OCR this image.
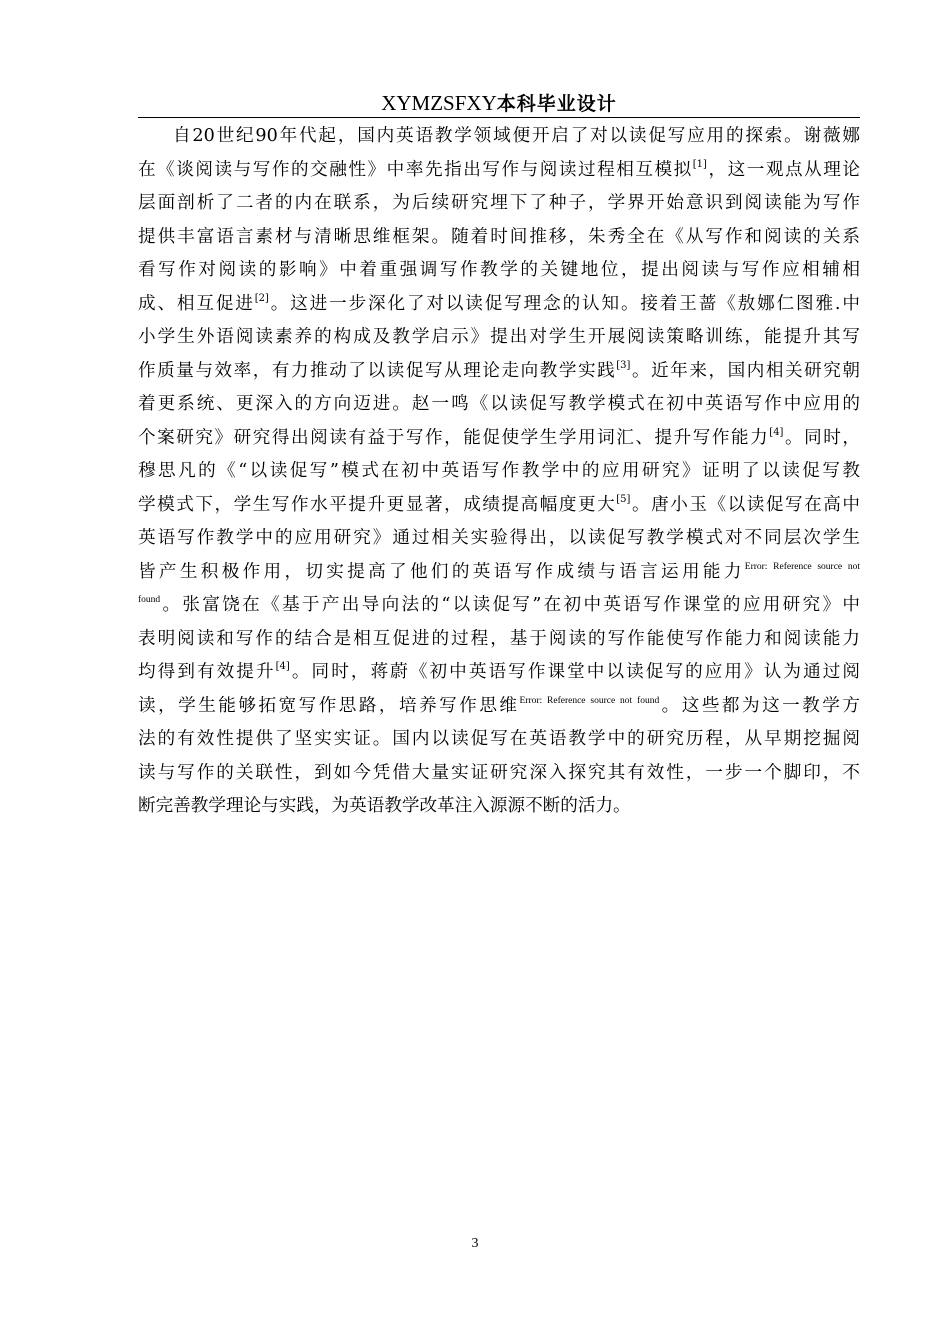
XYMZSFXY本科毕业设计
自20世纪90年代起，国内英语教学领域便开启了对以读促写应用的探索。谢薇娜
在《谈阅读与写作的交融性》中率先指出写作与阅读过程相互模拟[1]，这一观点从理论
层面剖析了二者的内在联系，为后续研究埋下了种子，学界开始意识到阅读能为写作
提供丰富语言素材与清晰思维框架。随着时间推移，朱秀全在《从写作和阅读的关系
看写作对阅读的影响》中着重强调写作教学的关键地位，提出阅读与写作应相辅相
成、相互促进[2]。这进一步深化了对以读促写理念的认知。接着王蔷《敖娜仁图雅.中
小学生外语阅读素养的构成及教学启示》提出对学生开展阅读策略训练，能提升其写
作质量与效率，有力推动了以读促写从理论走向教学实践[3]。近年来，国内相关研究朝
着更系统、更深入的方向迈进。赵一鸣《以读促写教学模式在初中英语写作中应用的
个案研究》研究得出阅读有益于写作，能促使学生学用词汇、提升写作能力[4]。同时，
穆思凡的《“以读促写”模式在初中英语写作教学中的应用研究》证明了以读促写教
学模式下，学生写作水平提升更显著，成绩提高幅度更大[5]。唐小玉《以读促写在高中
英语写作教学中的应用研究》通过相关实验得出，以读促写教学模式对不同层次学生
皆产生积极作用，切实提高了他们的英语写作成绩与语言运用能力$^{Error: Reference source not}$
$^{found}$。张富饶在《基于产出导向法的“以读促写”在初中英语写作课堂的应用研究》中
表明阅读和写作的结合是相互促进的过程，基于阅读的写作能使写作能力和阅读能力
均得到有效提升[4]。同时，蒋蔚《初中英语写作课堂中以读促写的应用》认为通过阅
读，学生能够拓宽写作思路，培养写作思维$^{Error: Reference source not found}$。这些都为这一教学方
法的有效性提供了坚实实证。国内以读促写在英语教学中的研究历程，从早期挖掘阅
读与写作的关联性，到如今凭借大量实证研究深入探究其有效性，一步一个脚印，不
断完善教学理论与实践，为英语教学改革注入源源不断的活力。
3
